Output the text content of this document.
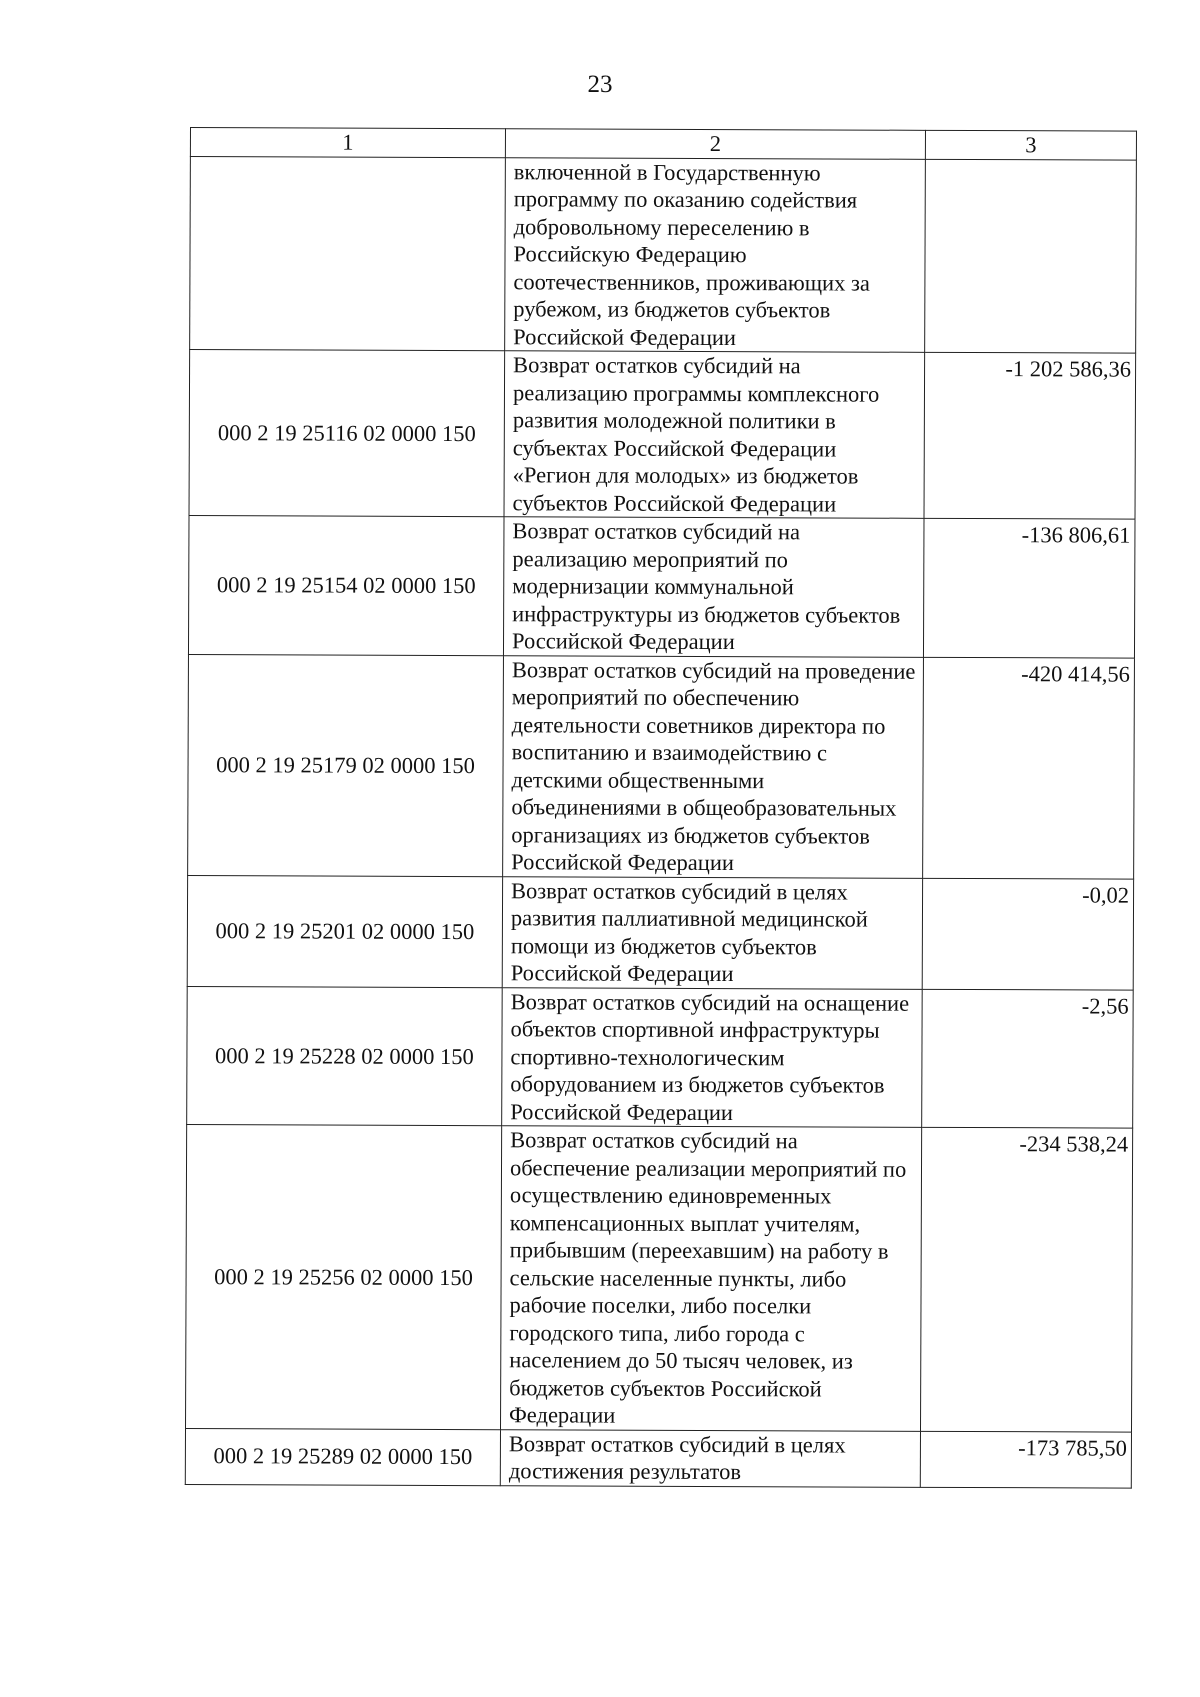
23
1	2	3
	включенной в Государственную программу по оказанию содействия добровольному переселению в Российскую Федерацию соотечественников, проживающих за рубежом, из бюджетов субъектов Российской Федерации	
000 2 19 25116 02 0000 150	Возврат остатков субсидий на реализацию программы комплексного развития молодежной политики в субъектах Российской Федерации «Регион для молодых» из бюджетов субъектов Российской Федерации	-1 202 586,36
000 2 19 25154 02 0000 150	Возврат остатков субсидий на реализацию мероприятий по модернизации коммунальной инфраструктуры из бюджетов субъектов Российской Федерации	-136 806,61
000 2 19 25179 02 0000 150	Возврат остатков субсидий на проведение мероприятий по обеспечению деятельности советников директора по воспитанию и взаимодействию с детскими общественными объединениями в общеобразовательных организациях из бюджетов субъектов Российской Федерации	-420 414,56
000 2 19 25201 02 0000 150	Возврат остатков субсидий в целях развития паллиативной медицинской помощи из бюджетов субъектов Российской Федерации	-0,02
000 2 19 25228 02 0000 150	Возврат остатков субсидий на оснащение объектов спортивной инфраструктуры спортивно-технологическим оборудованием из бюджетов субъектов Российской Федерации	-2,56
000 2 19 25256 02 0000 150	Возврат остатков субсидий на обеспечение реализации мероприятий по осуществлению единовременных компенсационных выплат учителям, прибывшим (переехавшим) на работу в сельские населенные пункты, либо рабочие поселки, либо поселки городского типа, либо города с населением до 50 тысяч человек, из бюджетов субъектов Российской Федерации	-234 538,24
000 2 19 25289 02 0000 150	Возврат остатков субсидий в целях достижения результатов	-173 785,50
